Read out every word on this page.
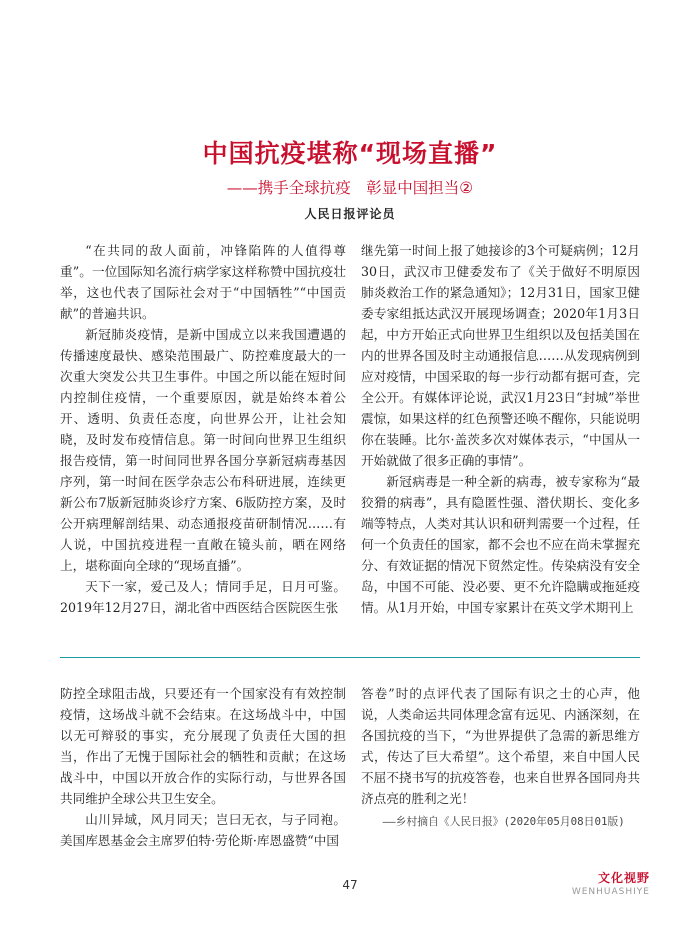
中国抗疫堪称“现场直播”
——携手全球抗疫　彰显中国担当②
人民日报评论员

“在共同的敌人面前，冲锋陷阵的人值得尊重”。一位国际知名流行病学家这样称赞中国抗疫壮举，这也代表了国际社会对于“中国牺牲”“中国贡献”的普遍共识。

新冠肺炎疫情，是新中国成立以来我国遭遇的传播速度最快、感染范围最广、防控难度最大的一次重大突发公共卫生事件。中国之所以能在短时间内控制住疫情，一个重要原因，就是始终本着公开、透明、负责任态度，向世界公开，让社会知晓，及时发布疫情信息。第一时间向世界卫生组织报告疫情，第一时间同世界各国分享新冠病毒基因序列，第一时间在医学杂志公布科研进展，连续更新公布7版新冠肺炎诊疗方案、6版防控方案，及时公开病理解剖结果、动态通报疫苗研制情况……有人说，中国抗疫进程一直敞在镜头前，晒在网络上，堪称面向全球的“现场直播”。

天下一家，爱己及人；情同手足，日月可鉴。2019年12月27日，湖北省中西医结合医院医生张

继先第一时间上报了她接诊的3个可疑病例；12月30日，武汉市卫健委发布了《关于做好不明原因肺炎救治工作的紧急通知》；12月31日，国家卫健委专家组抵达武汉开展现场调查；2020年1月3日起，中方开始正式向世界卫生组织以及包括美国在内的世界各国及时主动通报信息……从发现病例到应对疫情，中国采取的每一步行动都有据可查，完全公开。有媒体评论说，武汉1月23日“封城”举世震惊，如果这样的红色预警还唤不醒你，只能说明你在装睡。比尔·盖茨多次对媒体表示，“中国从一开始就做了很多正确的事情”。

新冠病毒是一种全新的病毒，被专家称为“最狡猾的病毒”，具有隐匿性强、潜伏期长、变化多端等特点，人类对其认识和研判需要一个过程，任何一个负责任的国家，都不会也不应在尚未掌握充分、有效证据的情况下贸然定性。传染病没有安全岛，中国不可能、没必要、更不允许隐瞒或拖延疫情。从1月开始，中国专家累计在英文学术期刊上

防控全球阻击战，只要还有一个国家没有有效控制疫情，这场战斗就不会结束。在这场战斗中，中国以无可辩驳的事实，充分展现了负责任大国的担当，作出了无愧于国际社会的牺牲和贡献；在这场战斗中，中国以开放合作的实际行动，与世界各国共同维护全球公共卫生安全。

山川异域，风月同天；岂曰无衣，与子同袍。美国库恩基金会主席罗伯特·劳伦斯·库恩盛赞“中国

答卷”时的点评代表了国际有识之士的心声，他说，人类命运共同体理念富有远见、内涵深刻，在各国抗疫的当下，“为世界提供了急需的新思维方式，传达了巨大希望”。这个希望，来自中国人民不屈不挠书写的抗疫答卷，也来自世界各国同舟共济点亮的胜利之光！

——乡村摘自《人民日报》(2020年05月08日01版)
47	文化视野
WENHUASHIYE
